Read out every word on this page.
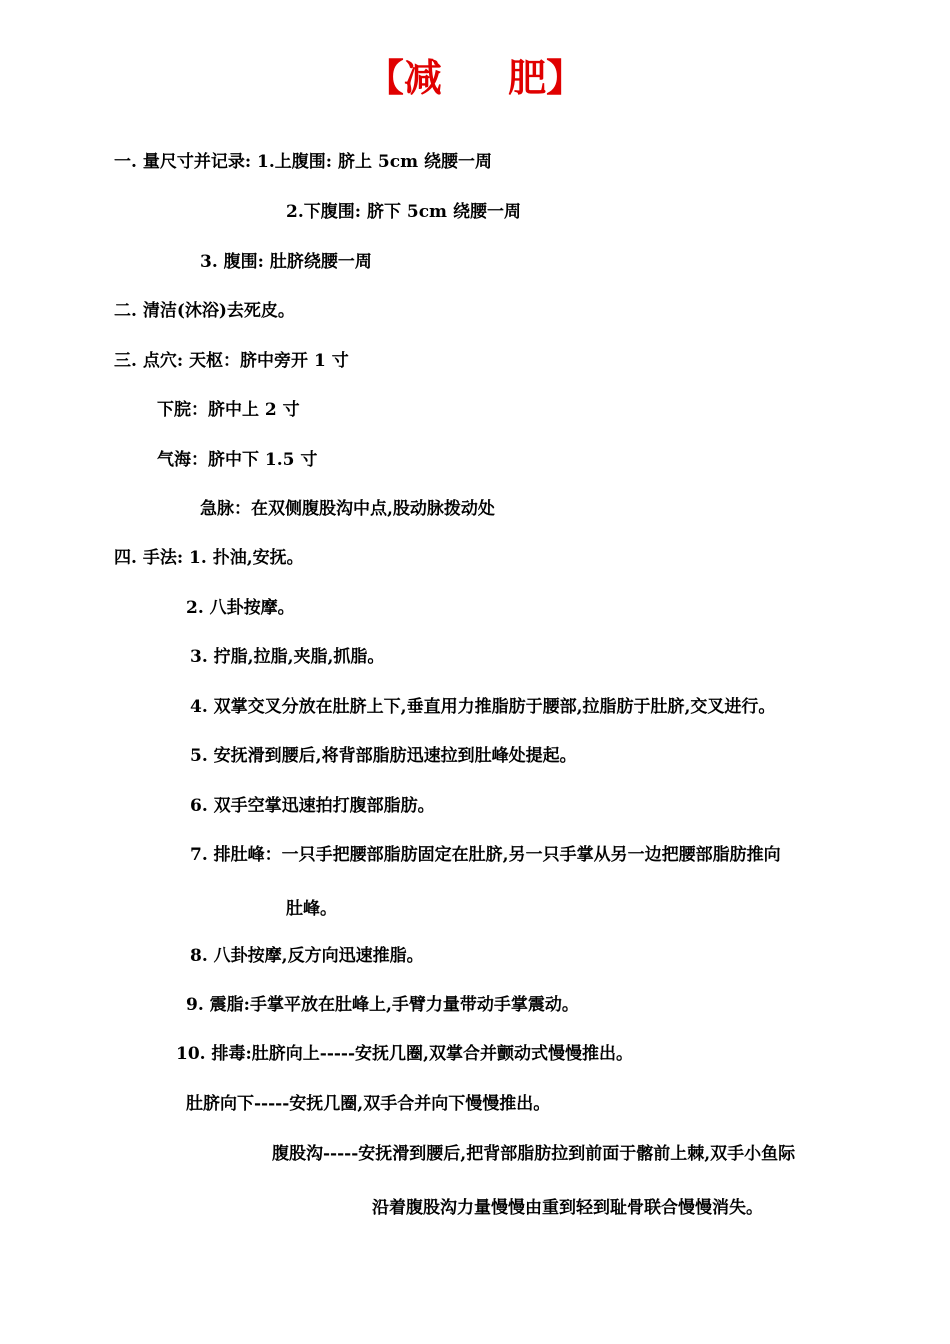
【减     肥】
一. 量尺寸并记录: 1.上腹围: 脐上 5cm 绕腰一周
2.下腹围: 脐下 5cm 绕腰一周
3. 腹围: 肚脐绕腰一周
二. 清洁(沐浴)去死皮。
三. 点穴: 天枢：脐中旁开 1 寸
下脘：脐中上 2 寸
气海：脐中下 1.5 寸
急脉：在双侧腹股沟中点,股动脉拨动处
四. 手法: 1. 扑油,安抚。
2. 八卦按摩。
3. 拧脂,拉脂,夹脂,抓脂。
4. 双掌交叉分放在肚脐上下,垂直用力推脂肪于腰部,拉脂肪于肚脐,交叉进行。
5. 安抚滑到腰后,将背部脂肪迅速拉到肚峰处提起。
6. 双手空掌迅速拍打腹部脂肪。
7. 排肚峰：一只手把腰部脂肪固定在肚脐,另一只手掌从另一边把腰部脂肪推向
肚峰。
8. 八卦按摩,反方向迅速推脂。
9. 震脂:手掌平放在肚峰上,手臂力量带动手掌震动。
10. 排毒:肚脐向上-----安抚几圈,双掌合并颤动式慢慢推出。
肚脐向下-----安抚几圈,双手合并向下慢慢推出。
腹股沟-----安抚滑到腰后,把背部脂肪拉到前面于髂前上棘,双手小鱼际
沿着腹股沟力量慢慢由重到轻到耻骨联合慢慢消失。
